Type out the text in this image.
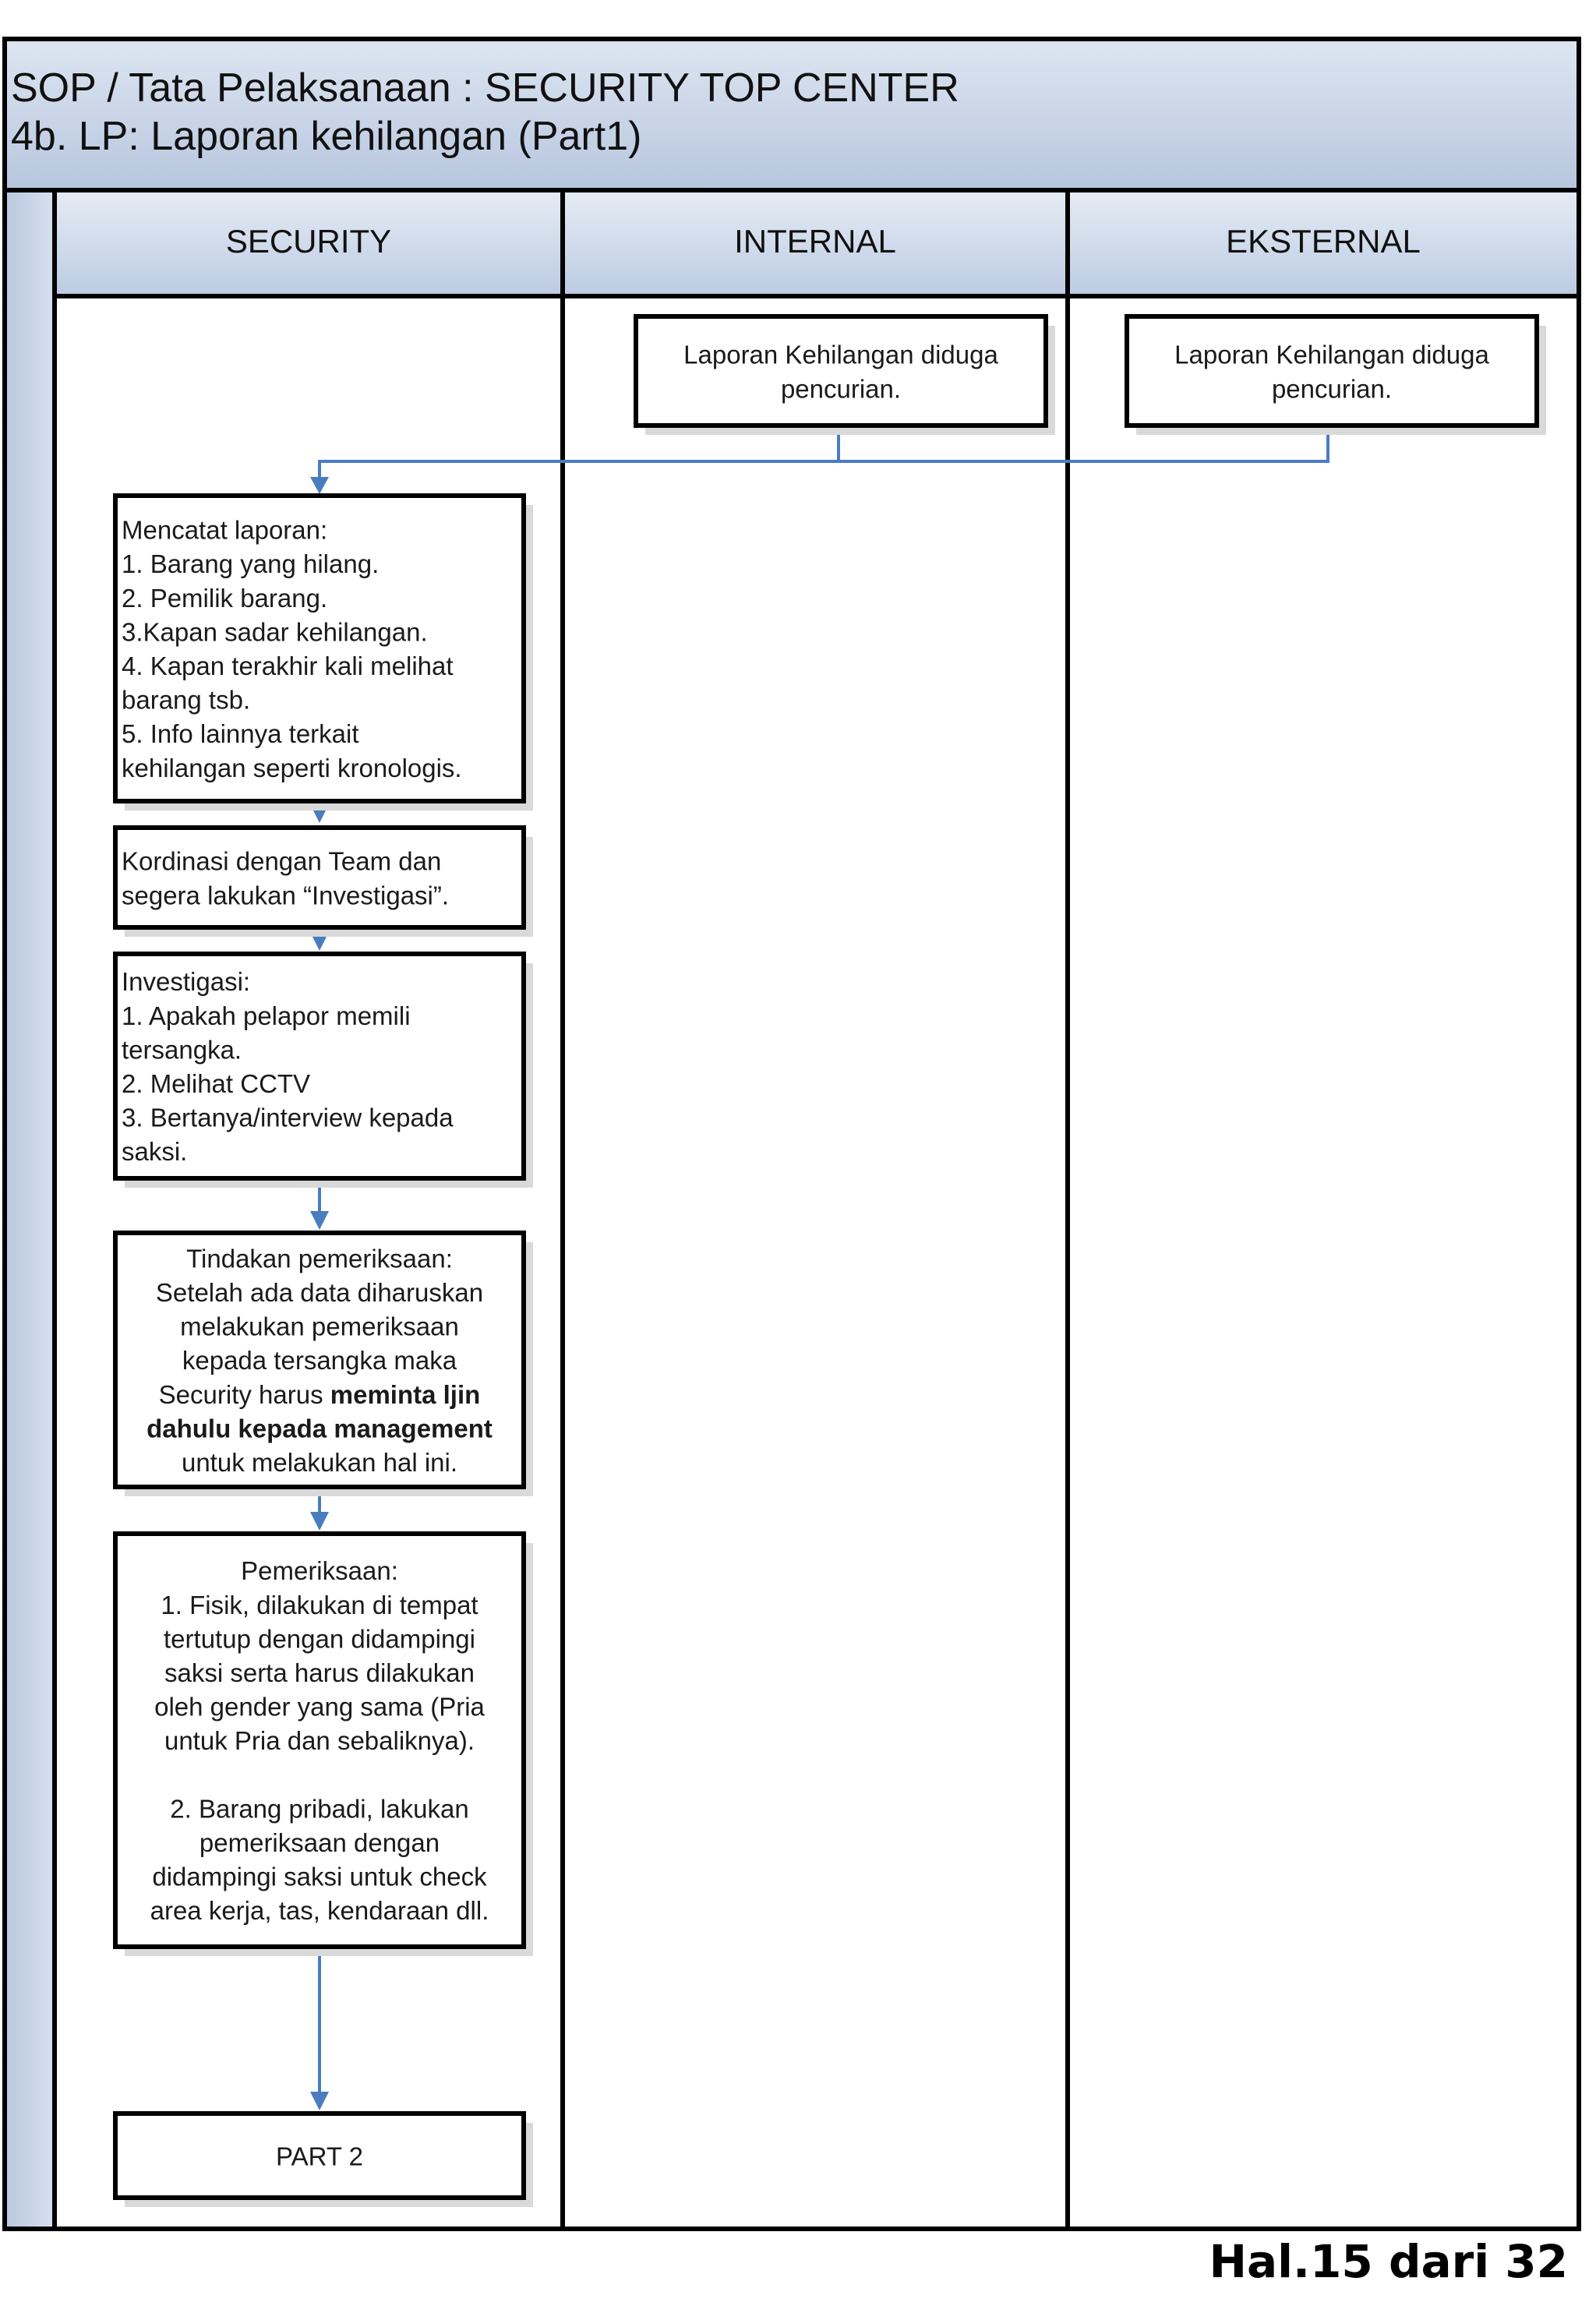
SOP / Tata Pelaksanaan : SECURITY TOP CENTER
4b. LP: Laporan kehilangan (Part1)
SECURITY	INTERNAL	EKSTERNAL
Laporan Kehilangan diduga
pencurian.
Laporan Kehilangan diduga
pencurian.
Mencatat laporan:
1. Barang yang hilang.
2. Pemilik barang.
3.Kapan sadar kehilangan.
4. Kapan terakhir kali melihat
barang tsb.
5. Info lainnya terkait
kehilangan seperti kronologis.
Kordinasi dengan Team dan
segera lakukan “Investigasi”.
Investigasi:
1. Apakah pelapor memili
tersangka.
2. Melihat CCTV
3. Bertanya/interview kepada
saksi.
Tindakan pemeriksaan:
Setelah ada data diharuskan
melakukan pemeriksaan
kepada tersangka maka
Security harus meminta ljin
dahulu kepada management
untuk melakukan hal ini.
Pemeriksaan:
1. Fisik, dilakukan di tempat
tertutup dengan didampingi
saksi serta harus dilakukan
oleh gender yang sama (Pria
untuk Pria dan sebaliknya).
2. Barang pribadi, lakukan
pemeriksaan dengan
didampingi saksi untuk check
area kerja, tas, kendaraan dll.
PART 2
Hal.15 dari 32
